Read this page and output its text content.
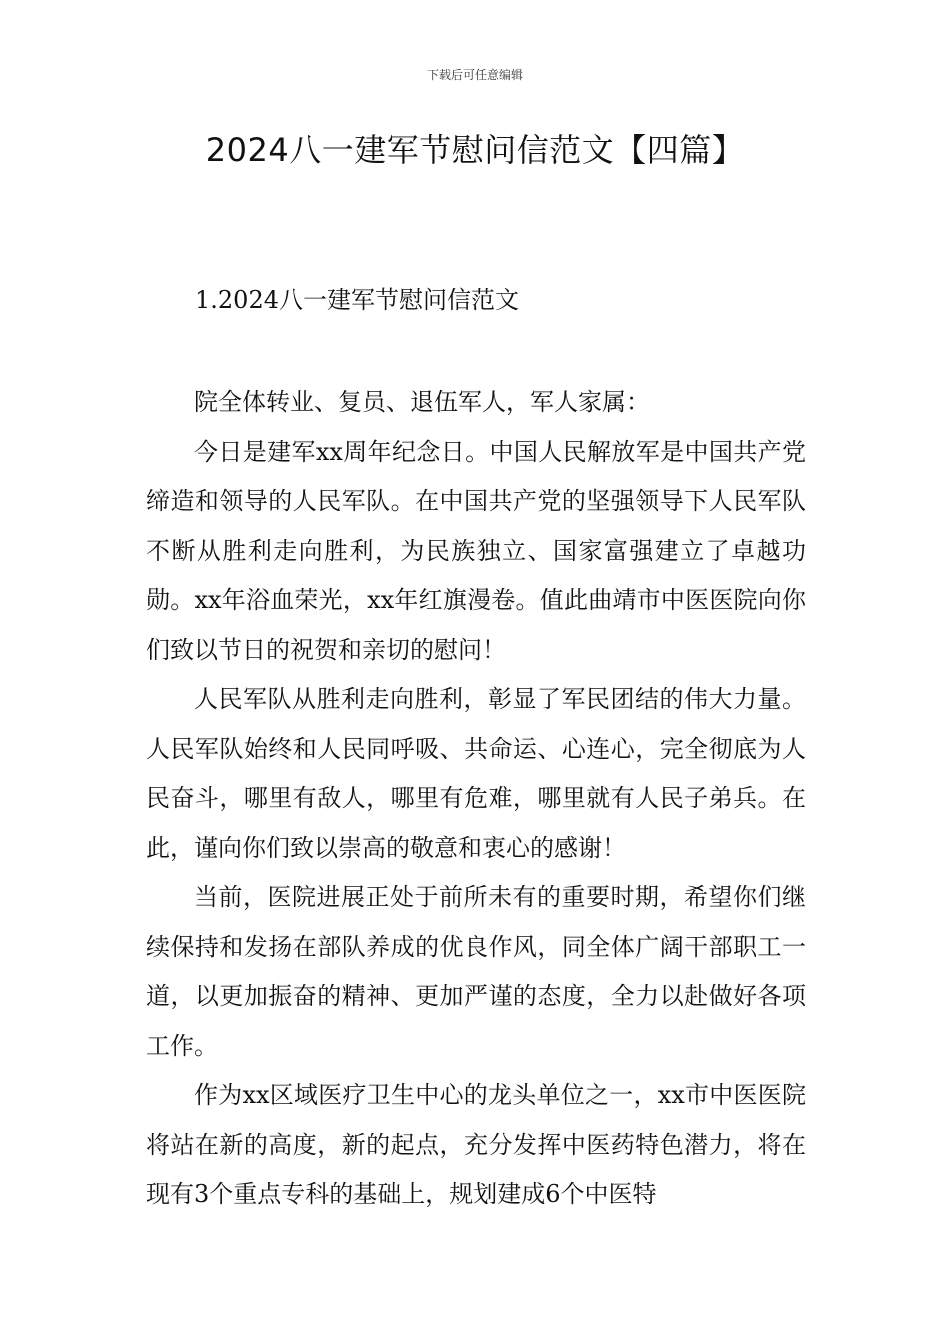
下载后可任意编辑
2024八一建军节慰问信范文【四篇】
1.2024八一建军节慰问信范文

院全体转业、复员、退伍军人，军人家属：

今日是建军xx周年纪念日。中国人民解放军是中国共产党缔造和领导的人民军队。在中国共产党的坚强领导下人民军队不断从胜利走向胜利，为民族独立、国家富强建立了卓越功勋。xx年浴血荣光，xx年红旗漫卷。值此曲靖市中医医院向你们致以节日的祝贺和亲切的慰问！

人民军队从胜利走向胜利，彰显了军民团结的伟大力量。人民军队始终和人民同呼吸、共命运、心连心，完全彻底为人民奋斗，哪里有敌人，哪里有危难，哪里就有人民子弟兵。在此，谨向你们致以崇高的敬意和衷心的感谢！

当前，医院进展正处于前所未有的重要时期，希望你们继续保持和发扬在部队养成的优良作风，同全体广阔干部职工一道，以更加振奋的精神、更加严谨的态度，全力以赴做好各项工作。

作为xx区域医疗卫生中心的龙头单位之一，xx市中医医院将站在新的高度，新的起点，充分发挥中医药特色潜力，将在现有3个重点专科的基础上，规划建成6个中医特
